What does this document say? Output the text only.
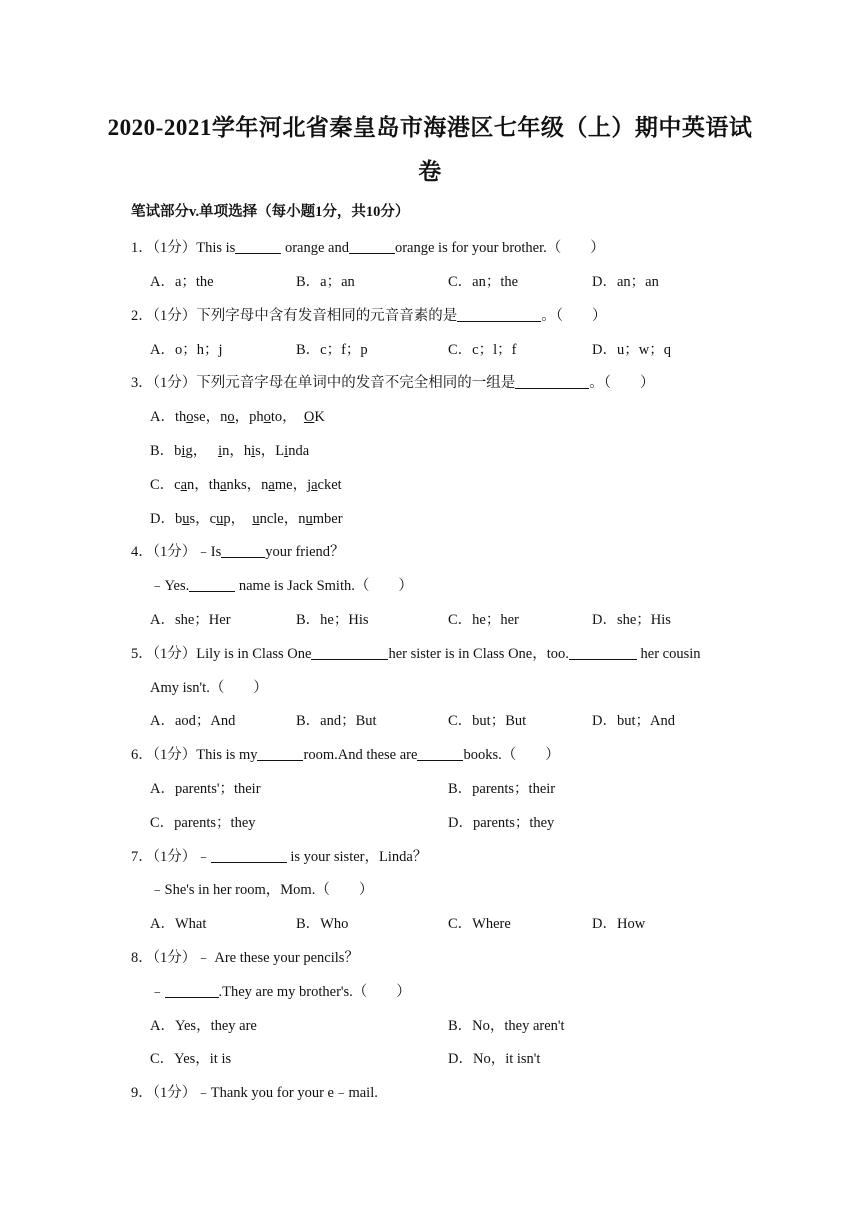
2020-2021学年河北省秦皇岛市海港区七年级（上）期中英语试
卷
笔试部分v.单项选择（每小题1分，共10分）
1．（1分）This is	orange and	orange is for your brother.（　　）
A．a；the	B．a；an	C．an；the	D．an；an
2．（1分）下列字母中含有发音相同的元音音素的是	。（　　）
A．o；h；j	B．c；f；p	C．c；l；f	D．u；w；q
3．（1分）下列元音字母在单词中的发音不完全相同的一组是	。（　　）
A．those，no，photo， OK
B．big， in，his，Linda
C．can，thanks，name，jacket
D．bus，cup， uncle，number
4．（1分）﹣Is	your friend？
﹣Yes.	name is Jack Smith.（　　）
A．she；Her	B．he；His	C．he；her	D．she；His
5．（1分）Lily is in Class One	her sister is in Class One，too.	her cousin
Amy isn't.（　　）
A．aod；And	B．and；But	C．but；But	D．but；And
6．（1分）This is my	room.And these are	books.（　　）
A．parents'；their	B．parents；their
C．parents；they	D．parents；they
7．（1分）﹣	is your sister，Linda？
﹣She's in her room，Mom.（　　）
A．What	B．Who	C．Where	D．How
8．（1分）﹣ Are these your pencils？
﹣	.They are my brother's.（　　）
A．Yes，they are	B．No，they aren't
C．Yes，it is	D．No，it isn't
9．（1分）﹣Thank you for your e﹣mail.
